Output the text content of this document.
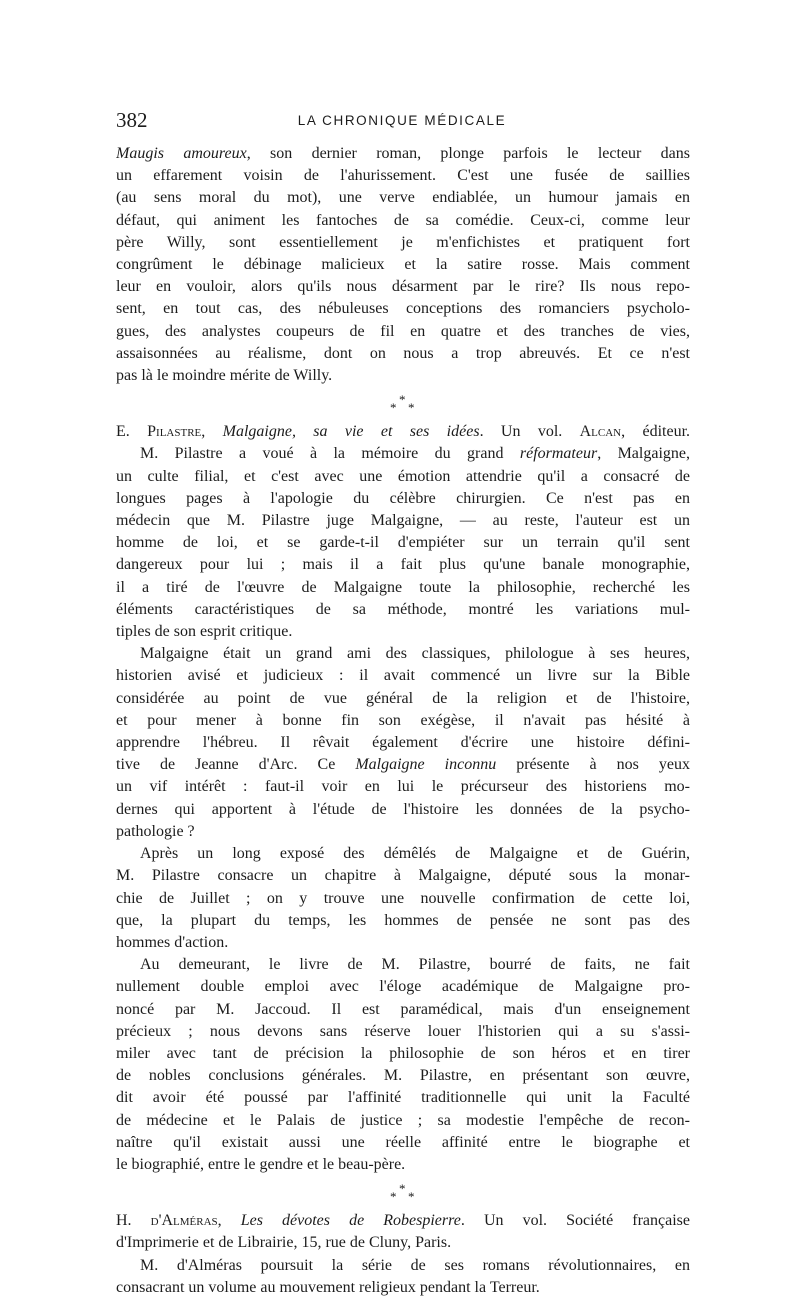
382	LA CHRONIQUE MÉDICALE
Maugis amoureux, son dernier roman, plonge parfois le lecteur dans
un effarement voisin de l'ahurissement. C'est une fusée de saillies
(au sens moral du mot), une verve endiablée, un humour jamais en
défaut, qui animent les fantoches de sa comédie. Ceux-ci, comme leur
père Willy, sont essentiellement je m'enfichistes et pratiquent fort
congrûment le débinage malicieux et la satire rosse. Mais comment
leur en vouloir, alors qu'ils nous désarment par le rire? Ils nous repo-
sent, en tout cas, des nébuleuses conceptions des romanciers psycholo-
gues, des analystes coupeurs de fil en quatre et des tranches de vies,
assaisonnées au réalisme, dont on nous a trop abreuvés. Et ce n'est
pas là le moindre mérite de Willy.
*
* *
E. Pilastre, Malgaigne, sa vie et ses idées. Un vol. Alcan, éditeur.
M. Pilastre a voué à la mémoire du grand réformateur, Malgaigne,
un culte filial, et c'est avec une émotion attendrie qu'il a consacré de
longues pages à l'apologie du célèbre chirurgien. Ce n'est pas en
médecin que M. Pilastre juge Malgaigne, — au reste, l'auteur est un
homme de loi, et se garde-t-il d'empiéter sur un terrain qu'il sent
dangereux pour lui ; mais il a fait plus qu'une banale monographie,
il a tiré de l'œuvre de Malgaigne toute la philosophie, recherché les
éléments caractéristiques de sa méthode, montré les variations mul-
tiples de son esprit critique.
Malgaigne était un grand ami des classiques, philologue à ses heures,
historien avisé et judicieux : il avait commencé un livre sur la Bible
considérée au point de vue général de la religion et de l'histoire,
et pour mener à bonne fin son exégèse, il n'avait pas hésité à
apprendre l'hébreu. Il rêvait également d'écrire une histoire défini-
tive de Jeanne d'Arc. Ce Malgaigne inconnu présente à nos yeux
un vif intérêt : faut-il voir en lui le précurseur des historiens mo-
dernes qui apportent à l'étude de l'histoire les données de la psycho-
pathologie ?
Après un long exposé des démêlés de Malgaigne et de Guérin,
M. Pilastre consacre un chapitre à Malgaigne, député sous la monar-
chie de Juillet ; on y trouve une nouvelle confirmation de cette loi,
que, la plupart du temps, les hommes de pensée ne sont pas des
hommes d'action.
Au demeurant, le livre de M. Pilastre, bourré de faits, ne fait
nullement double emploi avec l'éloge académique de Malgaigne pro-
noncé par M. Jaccoud. Il est paramédical, mais d'un enseignement
précieux ; nous devons sans réserve louer l'historien qui a su s'assi-
miler avec tant de précision la philosophie de son héros et en tirer
de nobles conclusions générales. M. Pilastre, en présentant son œuvre,
dit avoir été poussé par l'affinité traditionnelle qui unit la Faculté
de médecine et le Palais de justice ; sa modestie l'empêche de recon-
naître qu'il existait aussi une réelle affinité entre le biographe et
le biographié, entre le gendre et le beau-père.
*
* *
H. d'Alméras, Les dévotes de Robespierre. Un vol. Société française
d'Imprimerie et de Librairie, 15, rue de Cluny, Paris.
M. d'Alméras poursuit la série de ses romans révolutionnaires, en
consacrant un volume au mouvement religieux pendant la Terreur.
